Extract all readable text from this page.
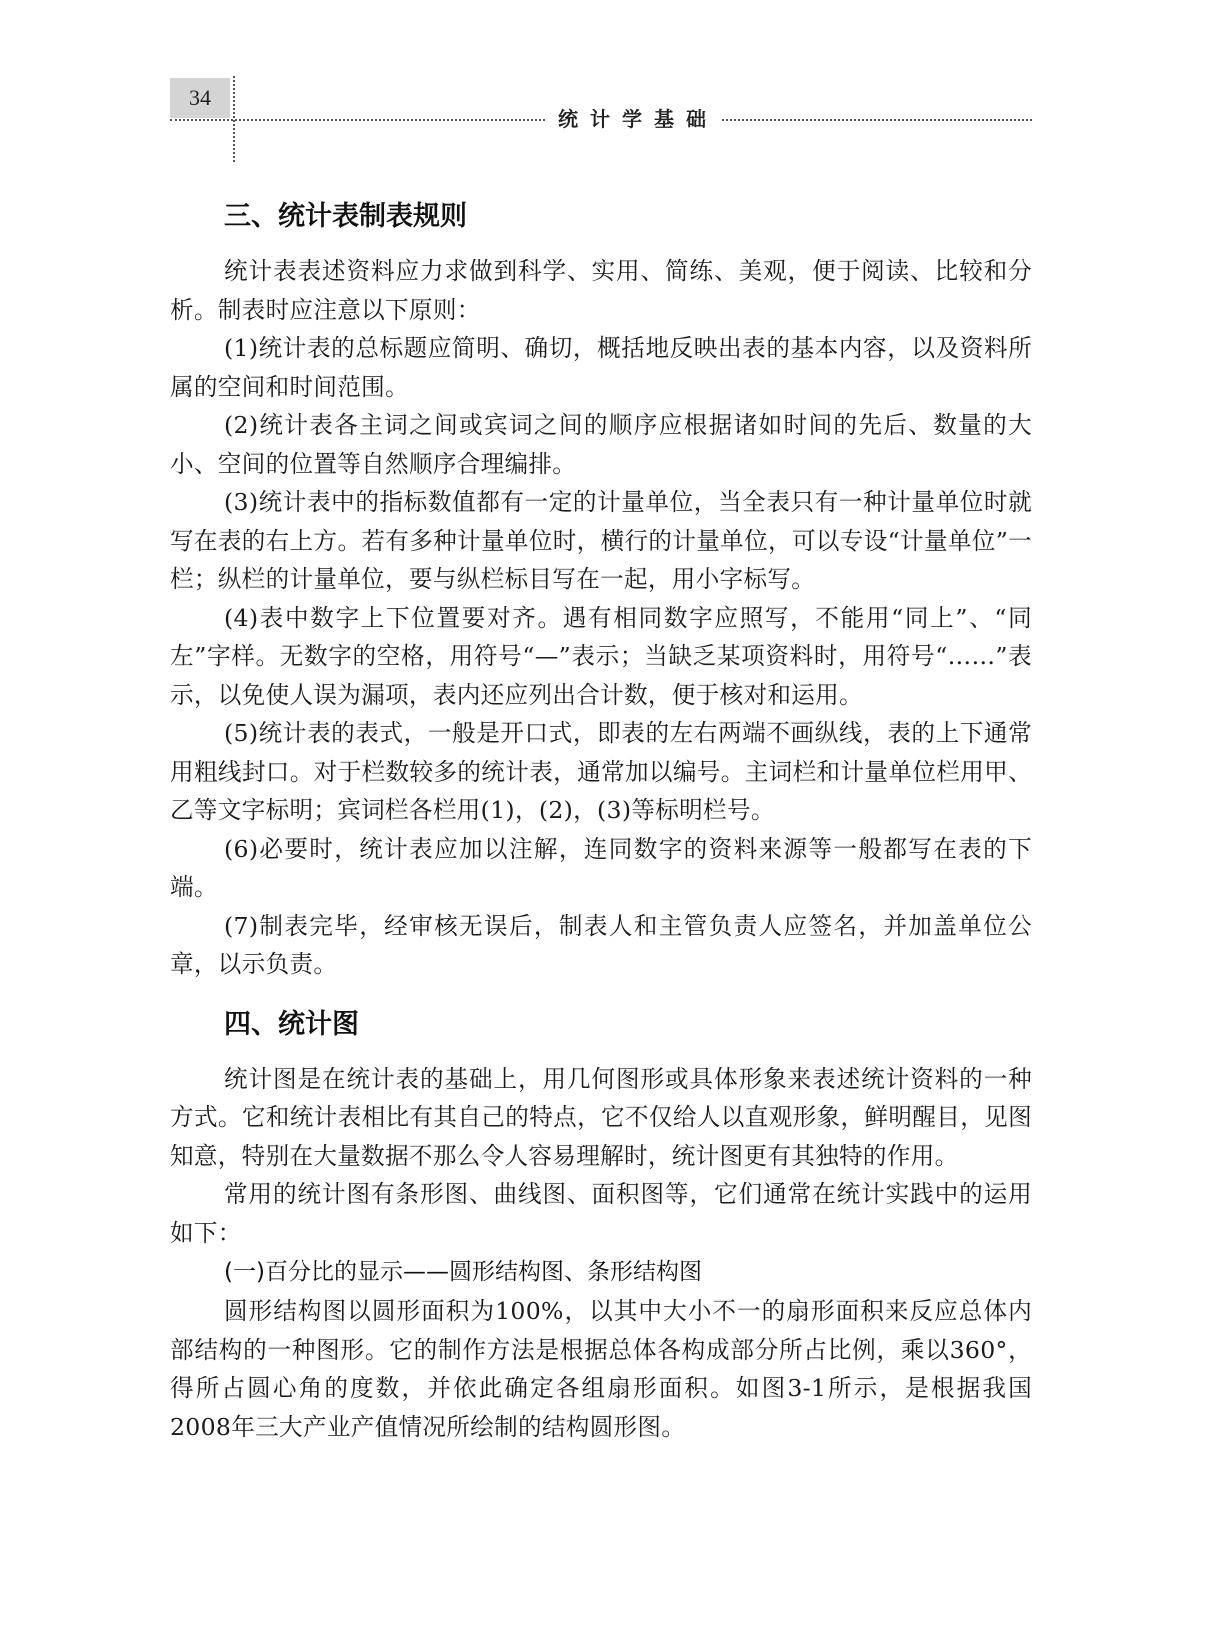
34
统计学基础
三、统计表制表规则

统计表表述资料应力求做到科学、实用、简练、美观，便于阅读、比较和分析。制表时应注意以下原则：

(1)统计表的总标题应简明、确切，概括地反映出表的基本内容，以及资料所属的空间和时间范围。

(2)统计表各主词之间或宾词之间的顺序应根据诸如时间的先后、数量的大小、空间的位置等自然顺序合理编排。

(3)统计表中的指标数值都有一定的计量单位，当全表只有一种计量单位时就写在表的右上方。若有多种计量单位时，横行的计量单位，可以专设“计量单位”一栏；纵栏的计量单位，要与纵栏标目写在一起，用小字标写。

(4)表中数字上下位置要对齐。遇有相同数字应照写，不能用“同上”、“同左”字样。无数字的空格，用符号“—”表示；当缺乏某项资料时，用符号“……”表示，以免使人误为漏项，表内还应列出合计数，便于核对和运用。

(5)统计表的表式，一般是开口式，即表的左右两端不画纵线，表的上下通常用粗线封口。对于栏数较多的统计表，通常加以编号。主词栏和计量单位栏用甲、乙等文字标明；宾词栏各栏用(1)，(2)，(3)等标明栏号。

(6)必要时，统计表应加以注解，连同数字的资料来源等一般都写在表的下端。

(7)制表完毕，经审核无误后，制表人和主管负责人应签名，并加盖单位公章，以示负责。

四、统计图

统计图是在统计表的基础上，用几何图形或具体形象来表述统计资料的一种方式。它和统计表相比有其自己的特点，它不仅给人以直观形象，鲜明醒目，见图知意，特别在大量数据不那么令人容易理解时，统计图更有其独特的作用。

常用的统计图有条形图、曲线图、面积图等，它们通常在统计实践中的运用如下：

(一)百分比的显示——圆形结构图、条形结构图

圆形结构图以圆形面积为100%，以其中大小不一的扇形面积来反应总体内部结构的一种图形。它的制作方法是根据总体各构成部分所占比例，乘以360°，得所占圆心角的度数，并依此确定各组扇形面积。如图3-1所示，是根据我国2008年三大产业产值情况所绘制的结构圆形图。
